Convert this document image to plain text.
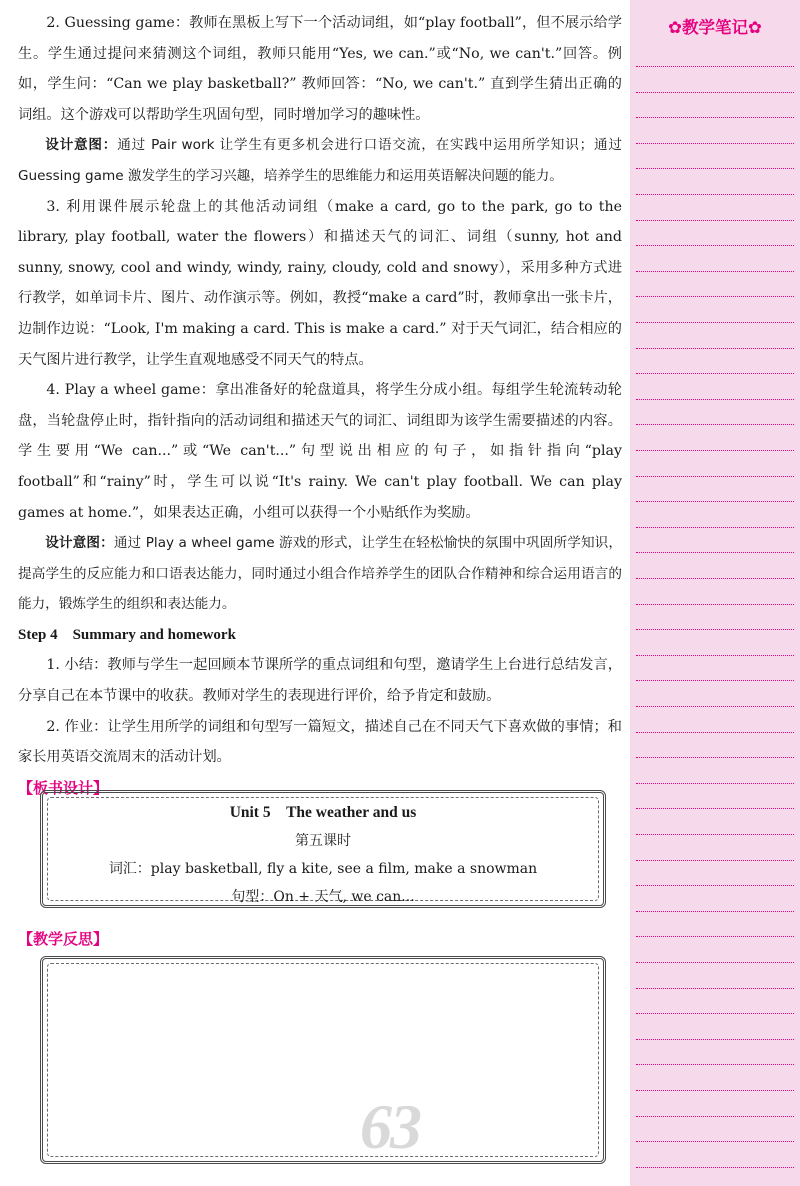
2. Guessing game：教师在黑板上写下一个活动词组，如“play football”，但不展示给学生。学生通过提问来猜测这个词组，教师只能用“Yes, we can.”或“No, we can't.”回答。例如，学生问：“Can we play basketball?” 教师回答：“No, we can't.” 直到学生猜出正确的词组。这个游戏可以帮助学生巩固句型，同时增加学习的趣味性。

设计意图：通过 Pair work 让学生有更多机会进行口语交流，在实践中运用所学知识；通过 Guessing game 激发学生的学习兴趣，培养学生的思维能力和运用英语解决问题的能力。

3. 利用课件展示轮盘上的其他活动词组（make a card, go to the park, go to the library, play football, water the flowers）和描述天气的词汇、词组（sunny, hot and sunny, snowy, cool and windy, windy, rainy, cloudy, cold and snowy），采用多种方式进行教学，如单词卡片、图片、动作演示等。例如，教授“make a card”时，教师拿出一张卡片，边制作边说：“Look, I'm making a card. This is make a card.” 对于天气词汇，结合相应的天气图片进行教学，让学生直观地感受不同天气的特点。

4. Play a wheel game：拿出准备好的轮盘道具，将学生分成小组。每组学生轮流转动轮盘，当轮盘停止时，指针指向的活动词组和描述天气的词汇、词组即为该学生需要描述的内容。学生要用“We can...”或“We can't...”句型说出相应的句子，如指针指向“play football”和“rainy”时，学生可以说“It's rainy. We can't play football. We can play games at home.”，如果表达正确，小组可以获得一个小贴纸作为奖励。

设计意图：通过 Play a wheel game 游戏的形式，让学生在轻松愉快的氛围中巩固所学知识，提高学生的反应能力和口语表达能力，同时通过小组合作培养学生的团队合作精神和综合运用语言的能力，锻炼学生的组织和表达能力。

Step 4　Summary and homework

1. 小结：教师与学生一起回顾本节课所学的重点词组和句型，邀请学生上台进行总结发言，分享自己在本节课中的收获。教师对学生的表现进行评价，给予肯定和鼓励。

2. 作业：让学生用所学的词组和句型写一篇短文，描述自己在不同天气下喜欢做的事情；和家长用英语交流周末的活动计划。

【板书设计】
Unit 5　The weather and us
第五课时
词汇：play basketball, fly a kite, see a film, make a snowman
句型：On + 天气, we can...
【教学反思】
63
✿教学笔记✿
